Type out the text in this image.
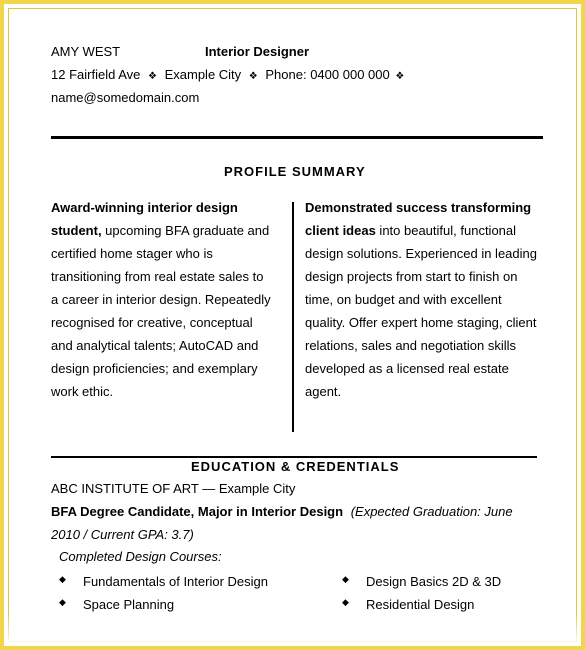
AMY WEST	Interior Designer
12 Fairfield Ave ❖ Example City ❖ Phone: 0400 000 000 ❖
name@somedomain.com
PROFILE SUMMARY
Award-winning interior design student, upcoming BFA graduate and certified home stager who is transitioning from real estate sales to a career in interior design. Repeatedly recognised for creative, conceptual and analytical talents; AutoCAD and design proficiencies; and exemplary work ethic.
Demonstrated success transforming client ideas into beautiful, functional design solutions. Experienced in leading design projects from start to finish on time, on budget and with excellent quality. Offer expert home staging, client relations, sales and negotiation skills developed as a licensed real estate agent.
EDUCATION & CREDENTIALS
ABC INSTITUTE OF ART — Example City
BFA Degree Candidate, Major in Interior Design (Expected Graduation: June
2010 / Current GPA: 3.7)
Completed Design Courses:
◆ Fundamentals of Interior Design
◆ Space Planning
◆ Design Basics 2D & 3D
◆ Residential Design
